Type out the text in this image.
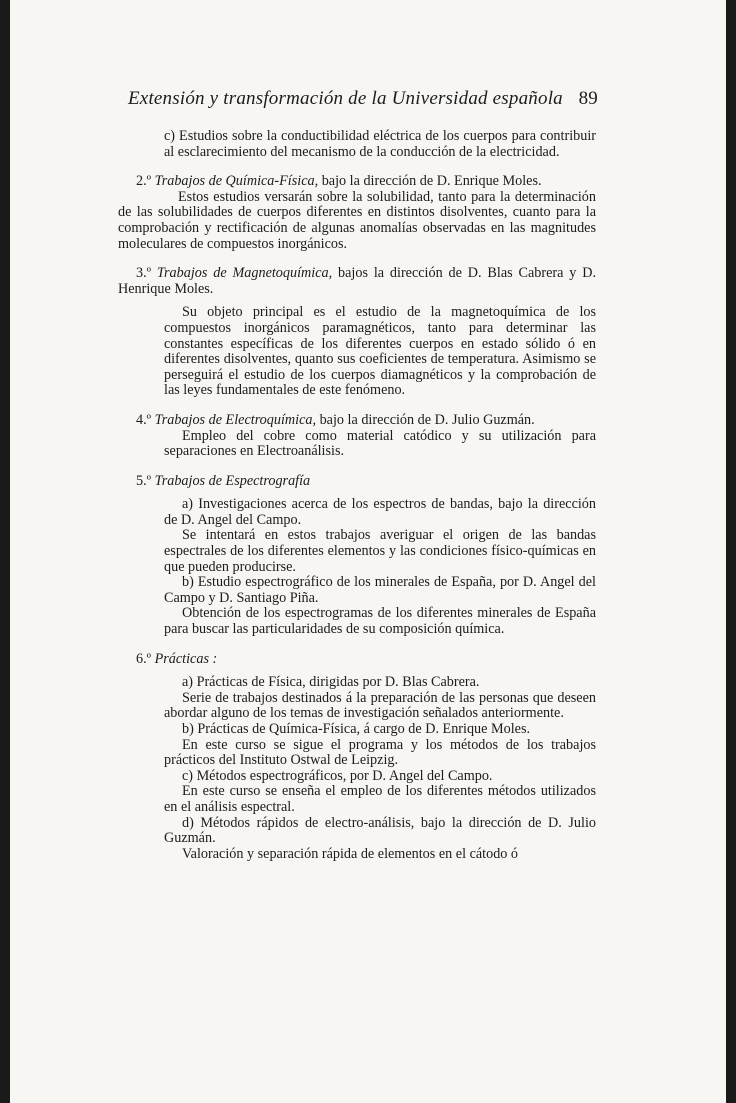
Extensión y transformación de la Universidad española 89

c) Estudios sobre la conductibilidad eléctrica de los cuerpos para contribuir al esclarecimiento del mecanismo de la conducción de la electricidad.

2.º Trabajos de Química-Física, bajo la dirección de D. Enrique Moles.

Estos estudios versarán sobre la solubilidad, tanto para la determinación de las solubilidades de cuerpos diferentes en distintos disolventes, cuanto para la comprobación y rectificación de algunas anomalías observadas en las magnitudes moleculares de compuestos inorgánicos.

3.º Trabajos de Magnetoquímica, bajos la dirección de D. Blas Cabrera y D. Henrique Moles.

Su objeto principal es el estudio de la magnetoquímica de los compuestos inorgánicos paramagnéticos, tanto para determinar las constantes específicas de los diferentes cuerpos en estado sólido ó en diferentes disolventes, quanto sus coeficientes de temperatura. Asimismo se perseguirá el estudio de los cuerpos diamagnéticos y la comprobación de las leyes fundamentales de este fenómeno.

4.º Trabajos de Electroquímica, bajo la dirección de D. Julio Guzmán.

Empleo del cobre como material catódico y su utilización para separaciones en Electroanálisis.

5.º Trabajos de Espectrografía

a) Investigaciones acerca de los espectros de bandas, bajo la dirección de D. Angel del Campo.

Se intentará en estos trabajos averiguar el origen de las bandas espectrales de los diferentes elementos y las condiciones físico-químicas en que pueden producirse.

b) Estudio espectrográfico de los minerales de España, por D. Angel del Campo y D. Santiago Piña.

Obtención de los espectrogramas de los diferentes minerales de España para buscar las particularidades de su composición química.

6.º Prácticas :

a) Prácticas de Física, dirigidas por D. Blas Cabrera.

Serie de trabajos destinados á la preparación de las personas que deseen abordar alguno de los temas de investigación señalados anteriormente.

b) Prácticas de Química-Física, á cargo de D. Enrique Moles.

En este curso se sigue el programa y los métodos de los trabajos prácticos del Instituto Ostwal de Leipzig.

c) Métodos espectrográficos, por D. Angel del Campo.

En este curso se enseña el empleo de los diferentes métodos utilizados en el análisis espectral.

d) Métodos rápidos de electro-análisis, bajo la dirección de D. Julio Guzmán.

Valoración y separación rápida de elementos en el cátodo ó
